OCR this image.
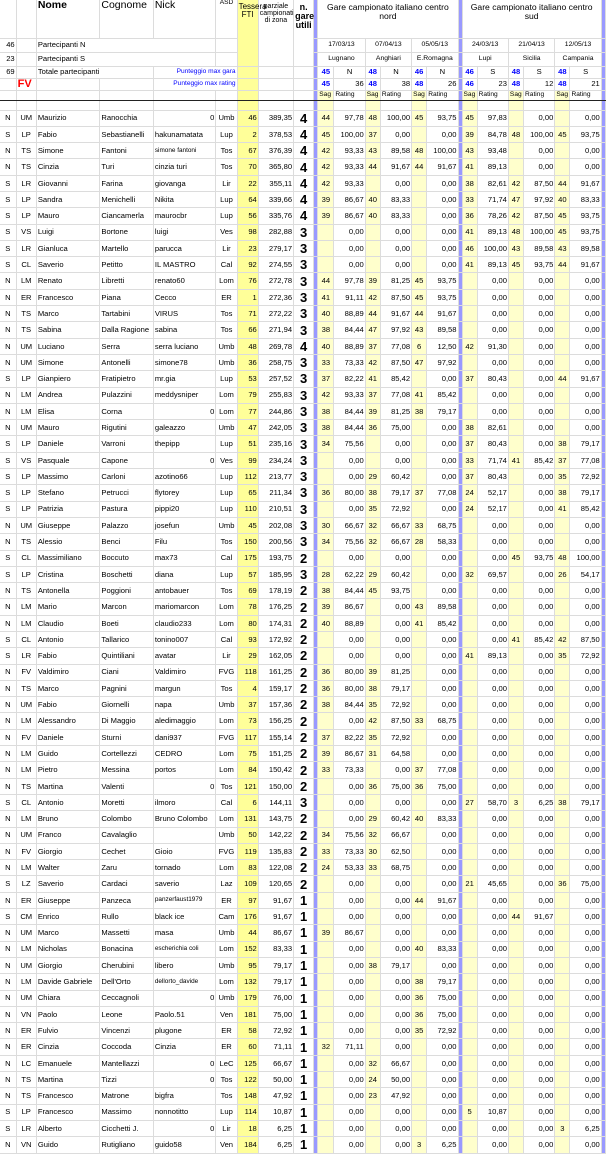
		Nome	Cognome	Nick	ASD	Tessera FTI	parziale campionati di zona	n. gare utili		Gare campionato italiano centro nord							Gare campionato italiano centro sud						
46		Partecipanti N								17/03/13		07/04/13		05/05/13			24/03/13		21/04/13		12/05/13		
23		Partecipanti S								Lugnano		Anghiari		E.Romagna			Lupi		Sicilia		Campania		
69		Totale partecipanti		Punteggio max gara						45	N	48	N	46	N		46	S	48	S	48	S	
	FV			Punteggio max rating						45	36	48	38	48	26		46	23	48	12	48	21	
										Sag	Rating	Sag	Rating	Sag	Rating		Sag	Rating	Sag	Rating	Sag	Rating	

N	UM	Maurizio	Ranocchia	0	Umb	46	389,35	4		44	97,78	48	100,00	45	93,75		45	97,83		0,00		0,00	
S	LP	Fabio	Sebastianelli	hakunamatata	Lup	2	378,53	4		45	100,00	37	0,00		0,00		39	84,78	48	100,00	45	93,75	
N	TS	Simone	Fantoni	simone fantoni	Tos	67	376,39	4		42	93,33	43	89,58	48	100,00		43	93,48		0,00		0,00	
N	TS	Cinzia	Turi	cinzia turi	Tos	70	365,80	4		42	93,33	44	91,67	44	91,67		41	89,13		0,00		0,00	
S	LR	Giovanni	Farina	giovanga	Lir	22	355,11	4		42	93,33		0,00		0,00		38	82,61	42	87,50	44	91,67	
S	LP	Sandra	Menichelli	Nikita	Lup	64	339,66	4		39	86,67	40	83,33		0,00		33	71,74	47	97,92	40	83,33	
S	LP	Mauro	Ciancamerla	maurocbr	Lup	56	335,76	4		39	86,67	40	83,33		0,00		36	78,26	42	87,50	45	93,75	
S	VS	Luigi	Bortone	luigi	Ves	98	282,88	3			0,00		0,00		0,00		41	89,13	48	100,00	45	93,75	
S	LR	Gianluca	Martello	parucca	Lir	23	279,17	3			0,00		0,00		0,00		46	100,00	43	89,58	43	89,58	
S	CL	Saverio	Petitto	IL MASTRO	Cal	92	274,55	3			0,00		0,00		0,00		41	89,13	45	93,75	44	91,67	
N	LM	Renato	Libretti	renato60	Lom	76	272,78	3		44	97,78	39	81,25	45	93,75			0,00		0,00		0,00	
N	ER	Francesco	Piana	Cecco	ER	1	272,36	3		41	91,11	42	87,50	45	93,75			0,00		0,00		0,00	
N	TS	Marco	Tartabini	VIRUS	Tos	71	272,22	3		40	88,89	44	91,67	44	91,67			0,00		0,00		0,00	
N	TS	Sabina	Dalla Ragione	sabina	Tos	66	271,94	3		38	84,44	47	97,92	43	89,58			0,00		0,00		0,00	
N	UM	Luciano	Serra	serra luciano	Umb	48	269,78	4		40	88,89	37	77,08	6	12,50		42	91,30		0,00		0,00	
N	UM	Simone	Antonelli	simone78	Umb	36	258,75	3		33	73,33	42	87,50	47	97,92			0,00		0,00		0,00	
S	LP	Gianpiero	Fratipietro	mr.gia	Lup	53	257,52	3		37	82,22	41	85,42		0,00		37	80,43		0,00	44	91,67	
N	LM	Andrea	Pulazzini	meddysniper	Lom	79	255,83	3		42	93,33	37	77,08	41	85,42			0,00		0,00		0,00	
N	LM	Elisa	Corna	0	Lom	77	244,86	3		38	84,44	39	81,25	38	79,17			0,00		0,00		0,00	
N	UM	Mauro	Rigutini	galeazzo	Umb	47	242,05	3		38	84,44	36	75,00		0,00		38	82,61		0,00		0,00	
S	LP	Daniele	Varroni	thepipp	Lup	51	235,16	3		34	75,56		0,00		0,00		37	80,43		0,00	38	79,17	
S	VS	Pasquale	Capone	0	Ves	99	234,24	3			0,00		0,00		0,00		33	71,74	41	85,42	37	77,08	
S	LP	Massimo	Carloni	azotino66	Lup	112	213,77	3			0,00	29	60,42		0,00		37	80,43		0,00	35	72,92	
S	LP	Stefano	Petrucci	flytorey	Lup	65	211,34	3		36	80,00	38	79,17	37	77,08		24	52,17		0,00	38	79,17	
S	LP	Patrizia	Pastura	pippi20	Lup	110	210,51	3			0,00	35	72,92		0,00		24	52,17		0,00	41	85,42	
N	UM	Giuseppe	Palazzo	josefun	Umb	45	202,08	3		30	66,67	32	66,67	33	68,75			0,00		0,00		0,00	
N	TS	Alessio	Benci	Filu	Tos	150	200,56	3		34	75,56	32	66,67	28	58,33			0,00		0,00		0,00	
S	CL	Massimiliano	Boccuto	max73	Cal	175	193,75	2			0,00		0,00		0,00			0,00	45	93,75	48	100,00	
S	LP	Cristina	Boschetti	diana	Lup	57	185,95	3		28	62,22	29	60,42		0,00		32	69,57		0,00	26	54,17	
N	TS	Antonella	Poggioni	antobauer	Tos	69	178,19	2		38	84,44	45	93,75		0,00			0,00		0,00		0,00	
N	LM	Mario	Marcon	mariomarcon	Lom	78	176,25	2		39	86,67		0,00	43	89,58			0,00		0,00		0,00	
N	LM	Claudio	Boeti	claudio233	Lom	80	174,31	2		40	88,89		0,00	41	85,42			0,00		0,00		0,00	
S	CL	Antonio	Tallarico	tonino007	Cal	93	172,92	2			0,00		0,00		0,00			0,00	41	85,42	42	87,50	
S	LR	Fabio	Quintiliani	avatar	Lir	29	162,05	2			0,00		0,00		0,00		41	89,13		0,00	35	72,92	
N	FV	Valdimiro	Ciani	Valdimiro	FVG	118	161,25	2		36	80,00	39	81,25		0,00			0,00		0,00		0,00	
N	TS	Marco	Pagnini	margun	Tos	4	159,17	2		36	80,00	38	79,17		0,00			0,00		0,00		0,00	
N	UM	Fabio	Giornelli	napa	Umb	37	157,36	2		38	84,44	35	72,92		0,00			0,00		0,00		0,00	
N	LM	Alessandro	Di Maggio	aledimaggio	Lom	73	156,25	2			0,00	42	87,50	33	68,75			0,00		0,00		0,00	
N	FV	Daniele	Sturni	dani937	FVG	117	155,14	2		37	82,22	35	72,92		0,00			0,00		0,00		0,00	
N	LM	Guido	Cortellezzi	CEDRO	Lom	75	151,25	2		39	86,67	31	64,58		0,00			0,00		0,00		0,00	
N	LM	Pietro	Messina	portos	Lom	84	150,42	2		33	73,33		0,00	37	77,08			0,00		0,00		0,00	
N	TS	Martina	Valenti	0	Tos	121	150,00	2			0,00	36	75,00	36	75,00			0,00		0,00		0,00	
S	CL	Antonio	Moretti	ilmoro	Cal	6	144,11	3			0,00		0,00		0,00		27	58,70	3	6,25	38	79,17	
N	LM	Bruno	Colombo	Bruno Colombo	Lom	131	143,75	2			0,00	29	60,42	40	83,33			0,00		0,00		0,00	
N	UM	Franco	Cavalaglio		Umb	50	142,22	2		34	75,56	32	66,67		0,00			0,00		0,00		0,00	
N	FV	Giorgio	Cechet	Gioio	FVG	119	135,83	2		33	73,33	30	62,50		0,00			0,00		0,00		0,00	
N	LM	Walter	Zaru	tornado	Lom	83	122,08	2		24	53,33	33	68,75		0,00			0,00		0,00		0,00	
S	LZ	Saverio	Cardaci	saverio	Laz	109	120,65	2			0,00		0,00		0,00		21	45,65		0,00	36	75,00	
N	ER	Giuseppe	Panzeca	panzerfaust1979	ER	97	91,67	1			0,00		0,00	44	91,67			0,00		0,00		0,00	
S	CM	Enrico	Rullo	black ice	Cam	176	91,67	1			0,00		0,00		0,00			0,00	44	91,67		0,00	
N	UM	Marco	Massetti	masa	Umb	44	86,67	1		39	86,67		0,00		0,00			0,00		0,00		0,00	
N	LM	Nicholas	Bonacina	escherichia coli	Lom	152	83,33	1			0,00		0,00	40	83,33			0,00		0,00		0,00	
N	UM	Giorgio	Cherubini	libero	Umb	95	79,17	1			0,00	38	79,17		0,00			0,00		0,00		0,00	
N	LM	Davide Gabriele	Dell'Orto	dellorto_davide	Lom	132	79,17	1			0,00		0,00	38	79,17			0,00		0,00		0,00	
N	UM	Chiara	Ceccagnoli	0	Umb	179	76,00	1			0,00		0,00	36	75,00			0,00		0,00		0,00	
N	VN	Paolo	Leone	Paolo.51	Ven	181	75,00	1			0,00		0,00	36	75,00			0,00		0,00		0,00	
N	ER	Fulvio	Vincenzi	plugone	ER	58	72,92	1			0,00		0,00	35	72,92			0,00		0,00		0,00	
N	ER	Cinzia	Coccoda	Cinzia	ER	60	71,11	1		32	71,11		0,00		0,00			0,00		0,00		0,00	
N	LC	Emanuele	Mantellazzi	0	LeC	125	66,67	1			0,00	32	66,67		0,00			0,00		0,00		0,00	
N	TS	Martina	Tizzi	0	Tos	122	50,00	1			0,00	24	50,00		0,00			0,00		0,00		0,00	
N	TS	Francesco	Matrone	bigfra	Tos	148	47,92	1			0,00	23	47,92		0,00			0,00		0,00		0,00	
S	LP	Francesco	Massimo	nonnotitto	Lup	114	10,87	1			0,00		0,00		0,00		5	10,87		0,00		0,00	
S	LR	Alberto	Cicchetti J.	0	Lir	18	6,25	1			0,00		0,00		0,00			0,00		0,00	3	6,25	
N	VN	Guido	Rutigliano	guido58	Ven	184	6,25	1			0,00		0,00	3	6,25			0,00		0,00		0,00	
